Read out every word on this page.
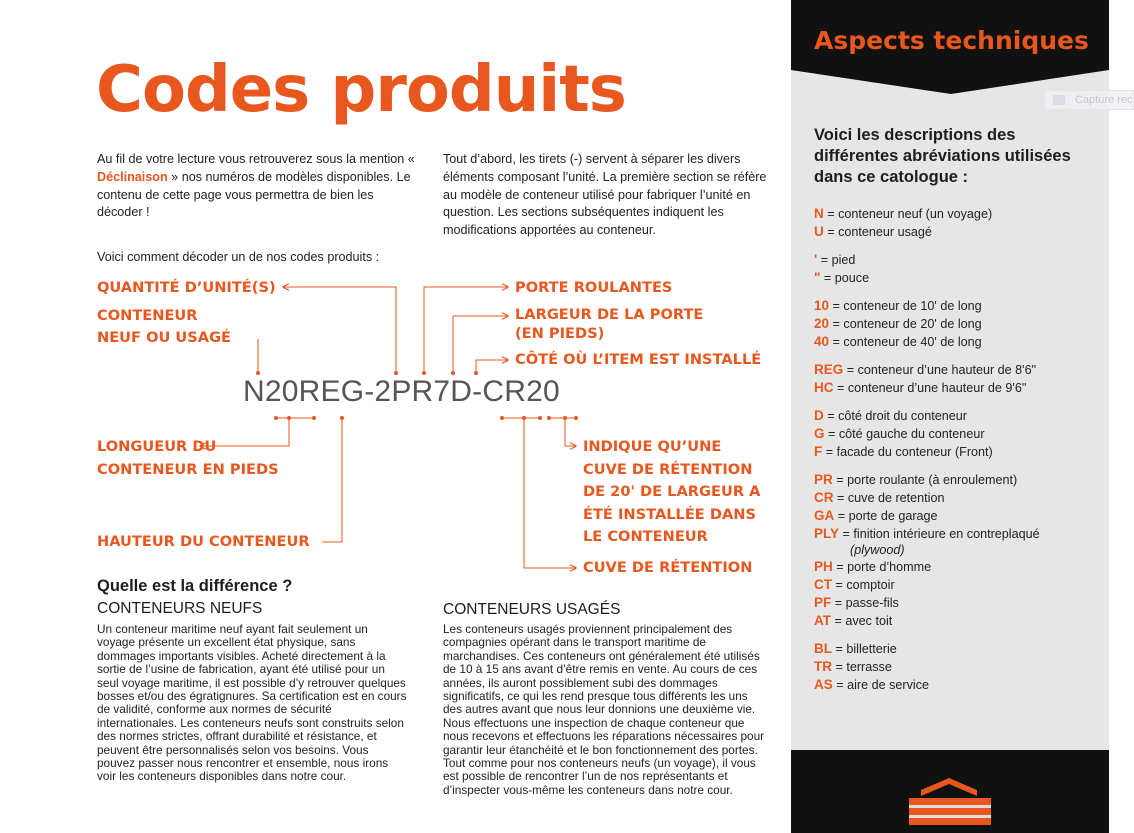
Codes produits

Au fil de votre lecture vous retrouverez sous la mention « Déclinaison » nos numéros de modèles disponibles. Le contenu de cette page vous permettra de bien les décoder !

Tout d’abord, les tirets (-) servent à séparer les divers éléments composant l’unité. La première section se réfère au modèle de conteneur utilisé pour fabriquer l’unité en question. Les sections subséquentes indiquent les modifications apportées au conteneur.

Voici comment décoder un de nos codes produits :

QUANTITÉ D’UNITÉ(S)
CONTENEUR
NEUF OU USAGÉ
PORTE ROULANTES
LARGEUR DE LA PORTE
(EN PIEDS)
CÔTÉ OÙ L’ITEM EST INSTALLÉ
N20REG-2PR7D-CR20
LONGUEUR DU
CONTENEUR EN PIEDS
HAUTEUR DU CONTENEUR
INDIQUE QU’UNE
CUVE DE RÉTENTION
DE 20' DE LARGEUR A
ÉTÉ INSTALLÉE DANS
LE CONTENEUR
CUVE DE RÉTENTION
Quelle est la différence ?
CONTENEURS NEUFS

Un conteneur maritime neuf ayant fait seulement un voyage présente un excellent état physique, sans dommages importants visibles. Acheté directement à la sortie de l’usine de fabrication, ayant été utilisé pour un seul voyage maritime, il est possible d’y retrouver quelques bosses et/ou des égratignures. Sa certification est en cours de validité, conforme aux normes de sécurité internationales. Les conteneurs neufs sont construits selon des normes strictes, offrant durabilité et résistance, et peuvent être personnalisés selon vos besoins. Vous pouvez passer nous rencontrer et ensemble, nous irons voir les conteneurs disponibles dans notre cour.

CONTENEURS USAGÉS

Les conteneurs usagés proviennent principalement des compagnies opérant dans le transport maritime de marchandises. Ces conteneurs ont généralement été utilisés de 10 à 15 ans avant d’être remis en vente. Au cours de ces années, ils auront possiblement subi des dommages significatifs, ce qui les rend presque tous différents les uns des autres avant que nous leur donnions une deuxième vie. Nous effectuons une inspection de chaque conteneur que nous recevons et effectuons les réparations nécessaires pour garantir leur étanchéité et le bon fonctionnement des portes. Tout comme pour nos conteneurs neufs (un voyage), il vous est possible de rencontrer l’un de nos représentants et d’inspecter vous-même les conteneurs dans notre cour.

Aspects techniques
Voici les descriptions des différentes abréviations utilisées dans ce catologue :
N = conteneur neuf (un voyage)
U = conteneur usagé
' = pied
" = pouce
10 = conteneur de 10' de long
20 = conteneur de 20' de long
40 = conteneur de 40' de long
REG = conteneur d’une hauteur de 8'6"
HC = conteneur d’une hauteur de 9'6"
D = côté droit du conteneur
G = côté gauche du conteneur
F = facade du conteneur (Front)
PR = porte roulante (à enroulement)
CR = cuve de retention
GA = porte de garage
PLY = finition intérieure en contreplaqué
(plywood)
PH = porte d’homme
CT = comptoir
PF = passe-fils
AT = avec toit
BL = billetterie
TR = terrasse
AS = aire de service
Capture rec
